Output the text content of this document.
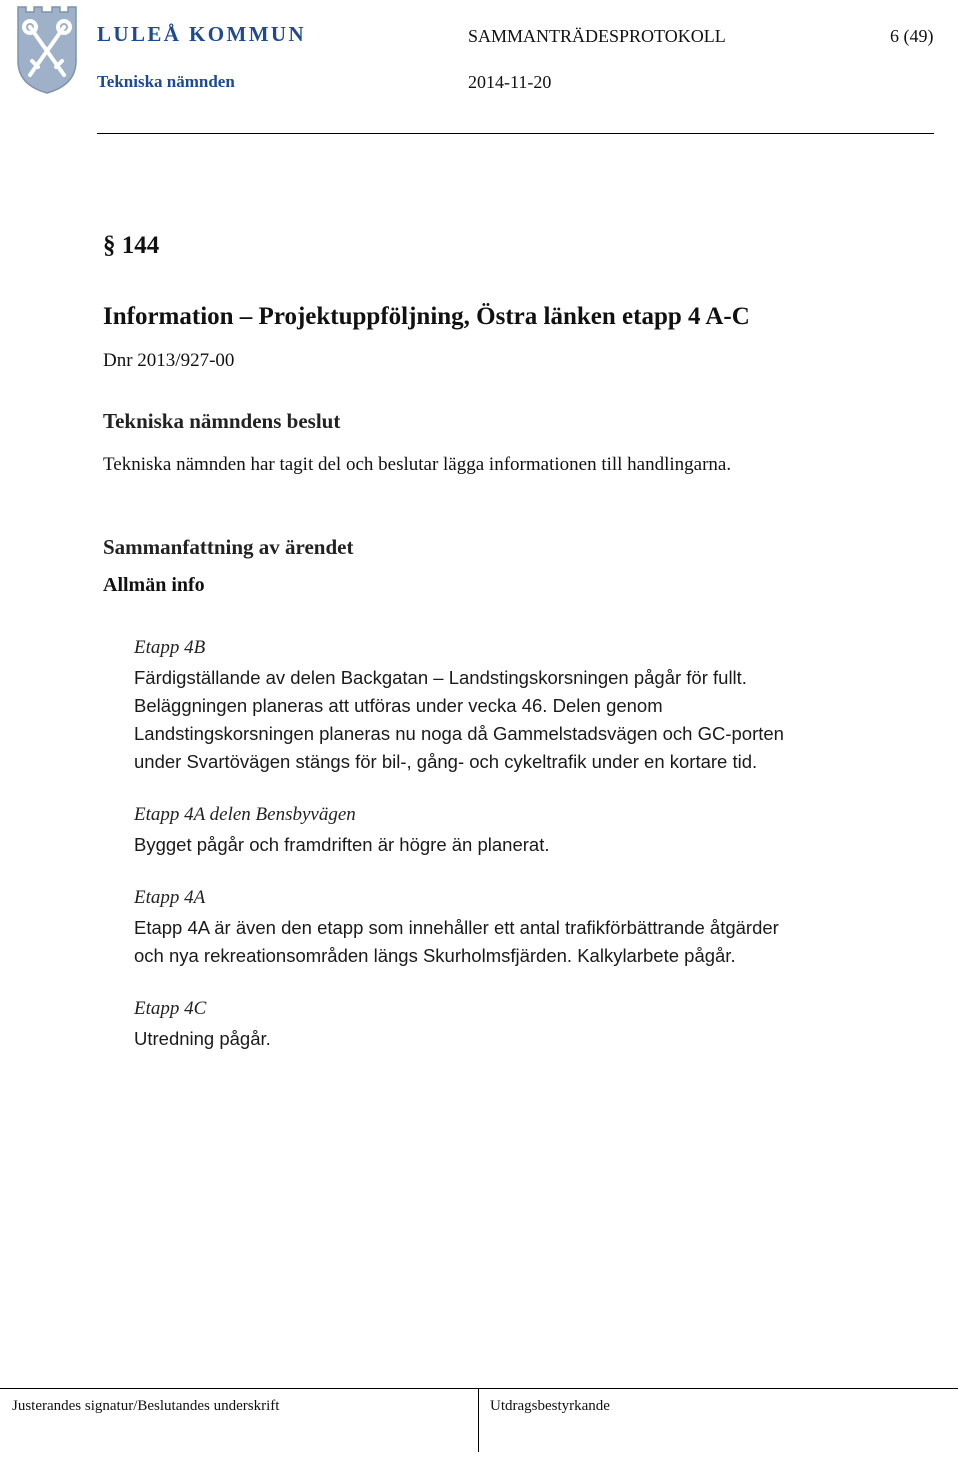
LULEÅ KOMMUN
Tekniska nämnden
SAMMANTRÄDESPROTOKOLL	6 (49)
2014-11-20
§ 144
Information – Projektuppföljning, Östra länken etapp 4 A-C
Dnr 2013/927-00
Tekniska nämndens beslut
Tekniska nämnden har tagit del och beslutar lägga informationen till handlingarna.
Sammanfattning av ärendet
Allmän info
Etapp 4B
Färdigställande av delen Backgatan – Landstingskorsningen pågår för fullt.
Beläggningen planeras att utföras under vecka 46. Delen genom
Landstingskorsningen planeras nu noga då Gammelstadsvägen och GC-porten
under Svartövägen stängs för bil-, gång- och cykeltrafik under en kortare tid.
Etapp 4A delen Bensbyvägen
Bygget pågår och framdriften är högre än planerat.
Etapp 4A
Etapp 4A är även den etapp som innehåller ett antal trafikförbättrande åtgärder
och nya rekreationsområden längs Skurholmsfjärden. Kalkylarbete pågår.
Etapp 4C
Utredning pågår.
Justerandes signatur/Beslutandes underskrift	Utdragsbestyrkande
